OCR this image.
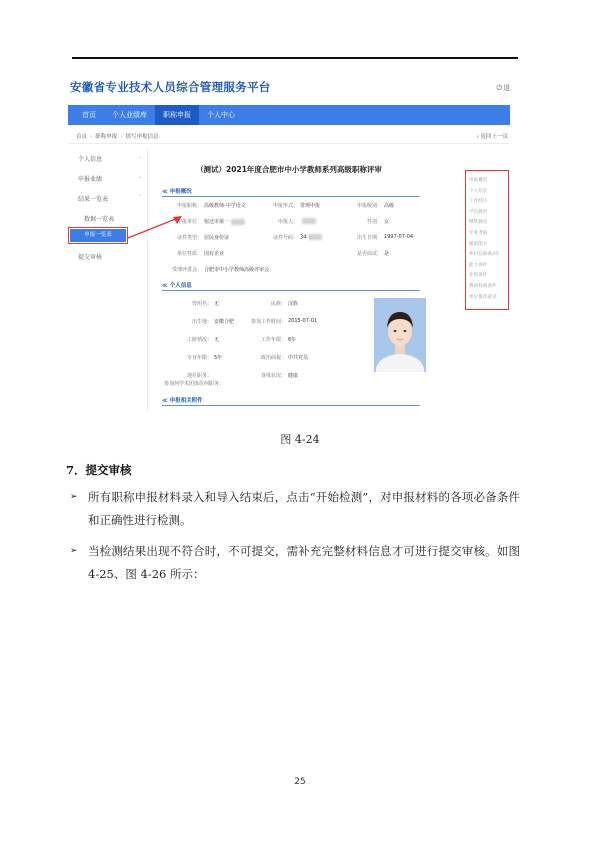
安徽省专业技术人员综合管理服务平台	⏻退
首页	个人业绩库	职称申报	个人中心
首页 › 职称申报 › 填写申报信息	‹ 返回上一页
个人信息	⌄
申报业绩	⌄
结果一览表	⌃
数据一览表
提交审核
申报一览表
（测试）2021年度合肥市中小学教师系列高级职称评审
≪ 申报概况
申报职称： 高级教师-中学语文	申报形式： 常规申报	申报级别： 高级
申报单位： 宿迁市第一	申报人：	性别： 女
证件类型： 居民身份证	证件号码： 34	出生日期： 1997-07-04
单位性质： 国有企业	是否面试： 是
受理评委会： 合肥市中小学教师高级评审会
≪ 个人信息
曾用名： 无	民族： 汉族
出生地： 安徽合肥	参加工作时间： 2015-07-01
工龄情况： 无	工作年限： 6年
专业年限： 5年	政治面貌： 中共党员
现任职务：	身体状况： 健康
参加何学术团体任何职务：
≪ 申报相关附件
申报概况
个人信息
工作经历
学历教育
继续教育
年度考核
履职能力
乡村任职满3年
能力条件
业绩条件
教研科研条件
单位推荐意见
图 4-24
7．提交审核
➢ 所有职称申报材料录入和导入结束后，点击“开始检测”，对申报材料的各项必备条件和正确性进行检测。
➢ 当检测结果出现不符合时，不可提交，需补充完整材料信息才可进行提交审核。如图 4-25、图 4-26 所示：
25
